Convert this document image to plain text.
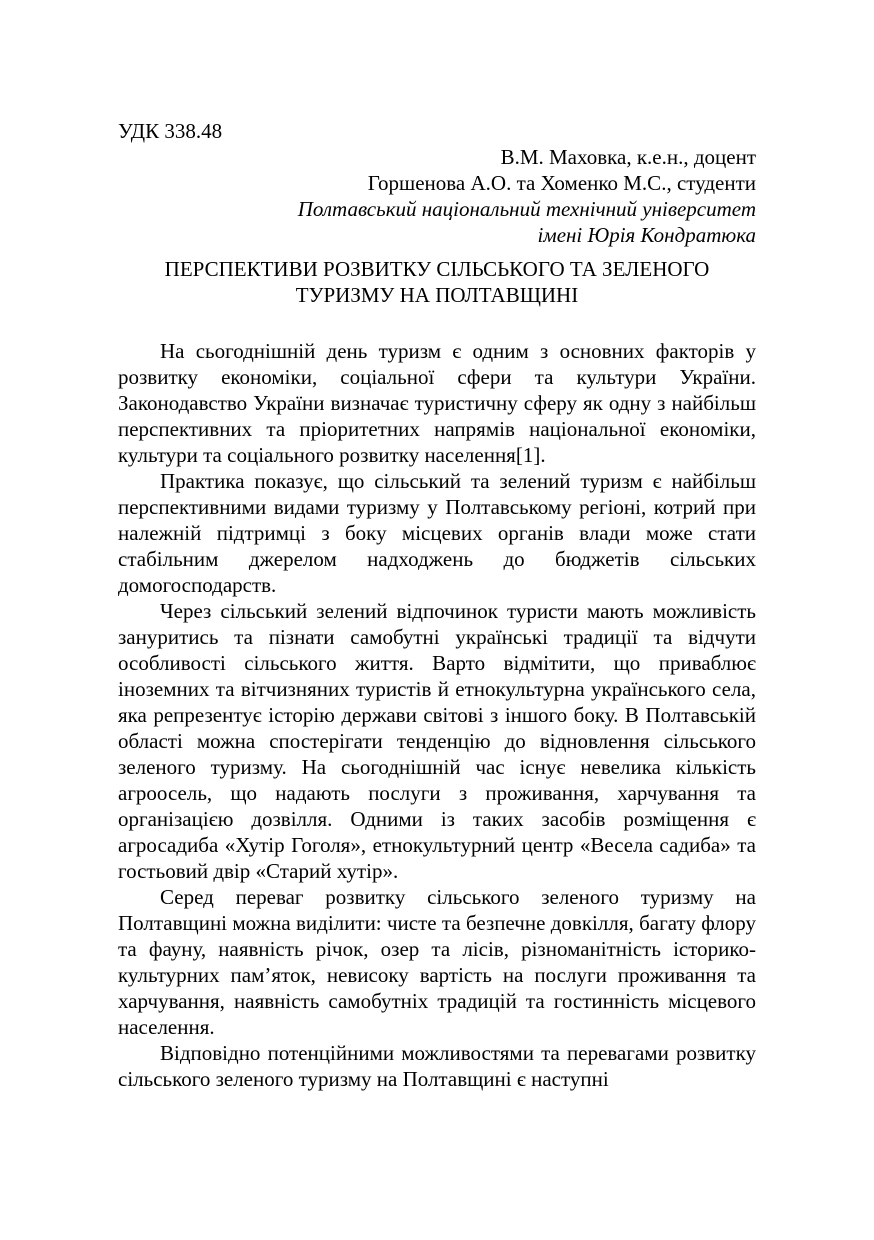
УДК 338.48

В.М. Маховка, к.е.н., доцент

Горшенова А.О. та Хоменко М.С., студенти

Полтавський національний технічний університет

імені Юрія Кондратюка

ПЕРСПЕКТИВИ РОЗВИТКУ СІЛЬСЬКОГО ТА ЗЕЛЕНОГО

ТУРИЗМУ НА ПОЛТАВЩИНІ

На сьогоднішній день туризм є одним з основних факторів у розвитку економіки, соціальної сфери та культури України. Законодавство України визначає туристичну сферу як одну з найбільш перспективних та пріоритетних напрямів національної економіки, культури та соціального розвитку населення[1].

Практика показує, що сільський та зелений туризм є найбільш перспективними видами туризму у Полтавському регіоні, котрий при належній підтримці з боку місцевих органів влади може стати стабільним джерелом надходжень до бюджетів сільських домогосподарств.

Через сільський зелений відпочинок туристи мають можливість зануритись та пізнати самобутні українські традиції та відчути особливості сільського життя. Варто відмітити, що приваблює іноземних та вітчизняних туристів й етнокультурна українського села, яка репрезентує історію держави світові з іншого боку. В Полтавській області можна спостерігати тенденцію до відновлення сільського зеленого туризму. На сьогоднішній час існує невелика кількість агроосель, що надають послуги з проживання, харчування та організацією дозвілля. Одними із таких засобів розміщення є агросадиба «Хутір Гоголя», етнокультурний центр «Весела садиба» та гостьовий двір «Старий хутір».

Серед переваг розвитку сільського зеленого туризму на Полтавщині можна виділити: чисте та безпечне довкілля, багату флору та фауну, наявність річок, озер та лісів, різноманітність історико-культурних пам’яток, невисоку вартість на послуги проживання та харчування, наявність самобутніх традицій та гостинність місцевого населення.

Відповідно потенційними можливостями та перевагами розвитку сільського зеленого туризму на Полтавщині є наступні
